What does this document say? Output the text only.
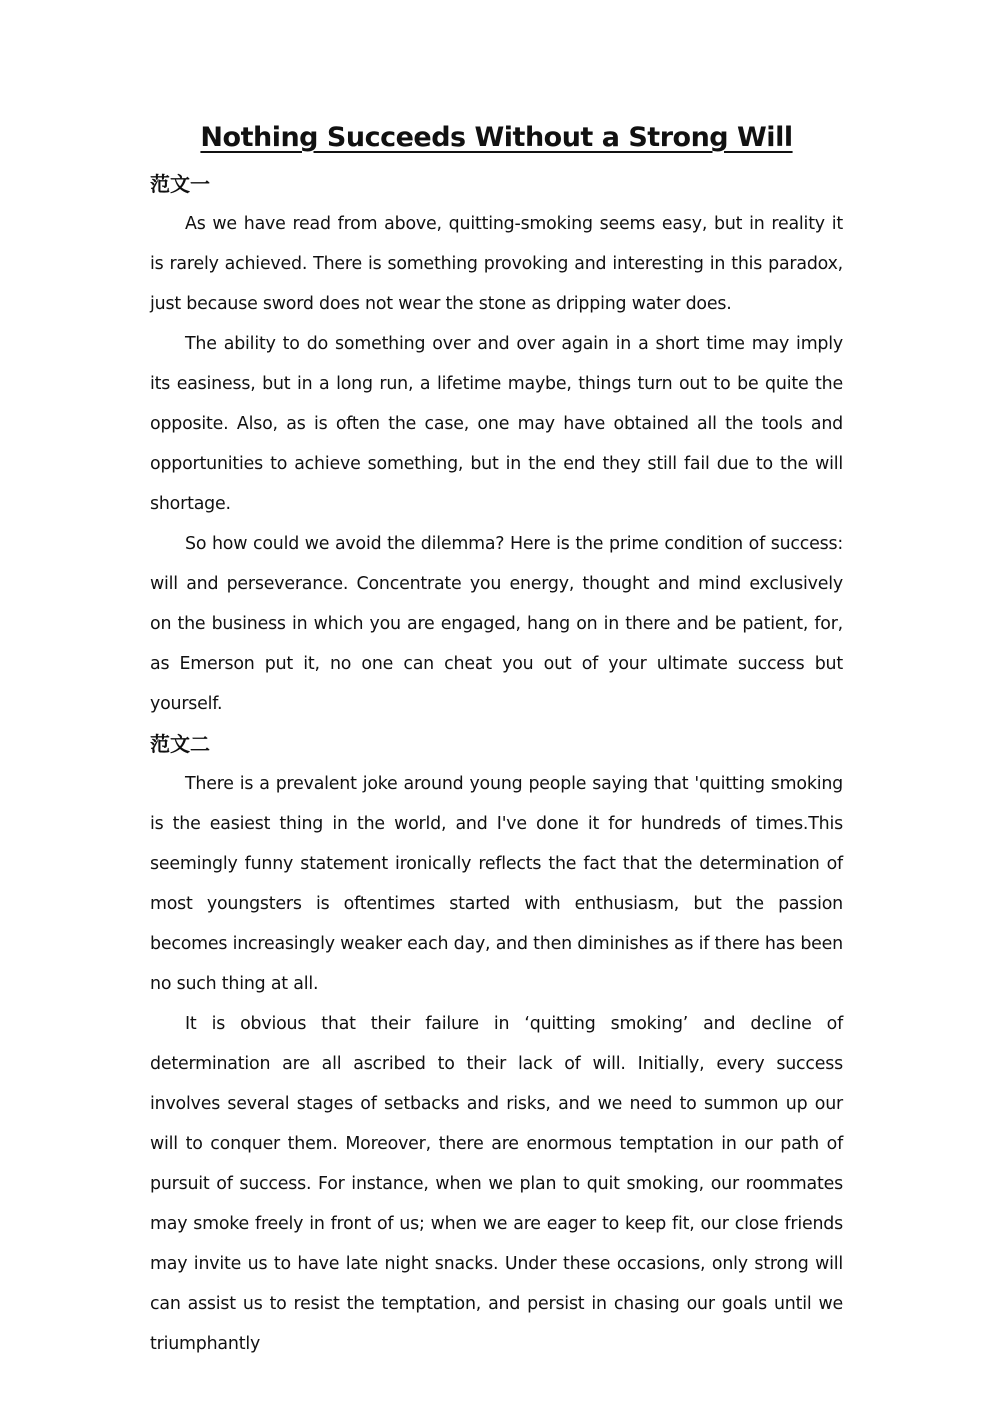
Nothing Succeeds Without a Strong Will
范文一

As we have read from above, quitting-smoking seems easy, but in reality it is rarely achieved. There is something provoking and interesting in this paradox, just because sword does not wear the stone as dripping water does.

The ability to do something over and over again in a short time may imply its easiness, but in a long run, a lifetime maybe, things turn out to be quite the opposite. Also, as is often the case, one may have obtained all the tools and opportunities to achieve something, but in the end they still fail due to the will shortage.

So how could we avoid the dilemma? Here is the prime condition of success: will and perseverance. Concentrate you energy, thought and mind exclusively on the business in which you are engaged, hang on in there and be patient, for, as Emerson put it, no one can cheat you out of your ultimate success but yourself.

范文二

There is a prevalent joke around young people saying that 'quitting smoking is the easiest thing in the world, and I've done it for hundreds of times.This seemingly funny statement ironically reflects the fact that the determination of most youngsters is oftentimes started with enthusiasm, but the passion becomes increasingly weaker each day, and then diminishes as if there has been no such thing at all.

It is obvious that their failure in ‘quitting smoking’ and decline of determination are all ascribed to their lack of will. Initially, every success involves several stages of setbacks and risks, and we need to summon up our will to conquer them. Moreover, there are enormous temptation in our path of pursuit of success. For instance, when we plan to quit smoking, our roommates may smoke freely in front of us; when we are eager to keep fit, our close friends may invite us to have late night snacks. Under these occasions, only strong will can assist us to resist the temptation, and persist in chasing our goals until we triumphantly
